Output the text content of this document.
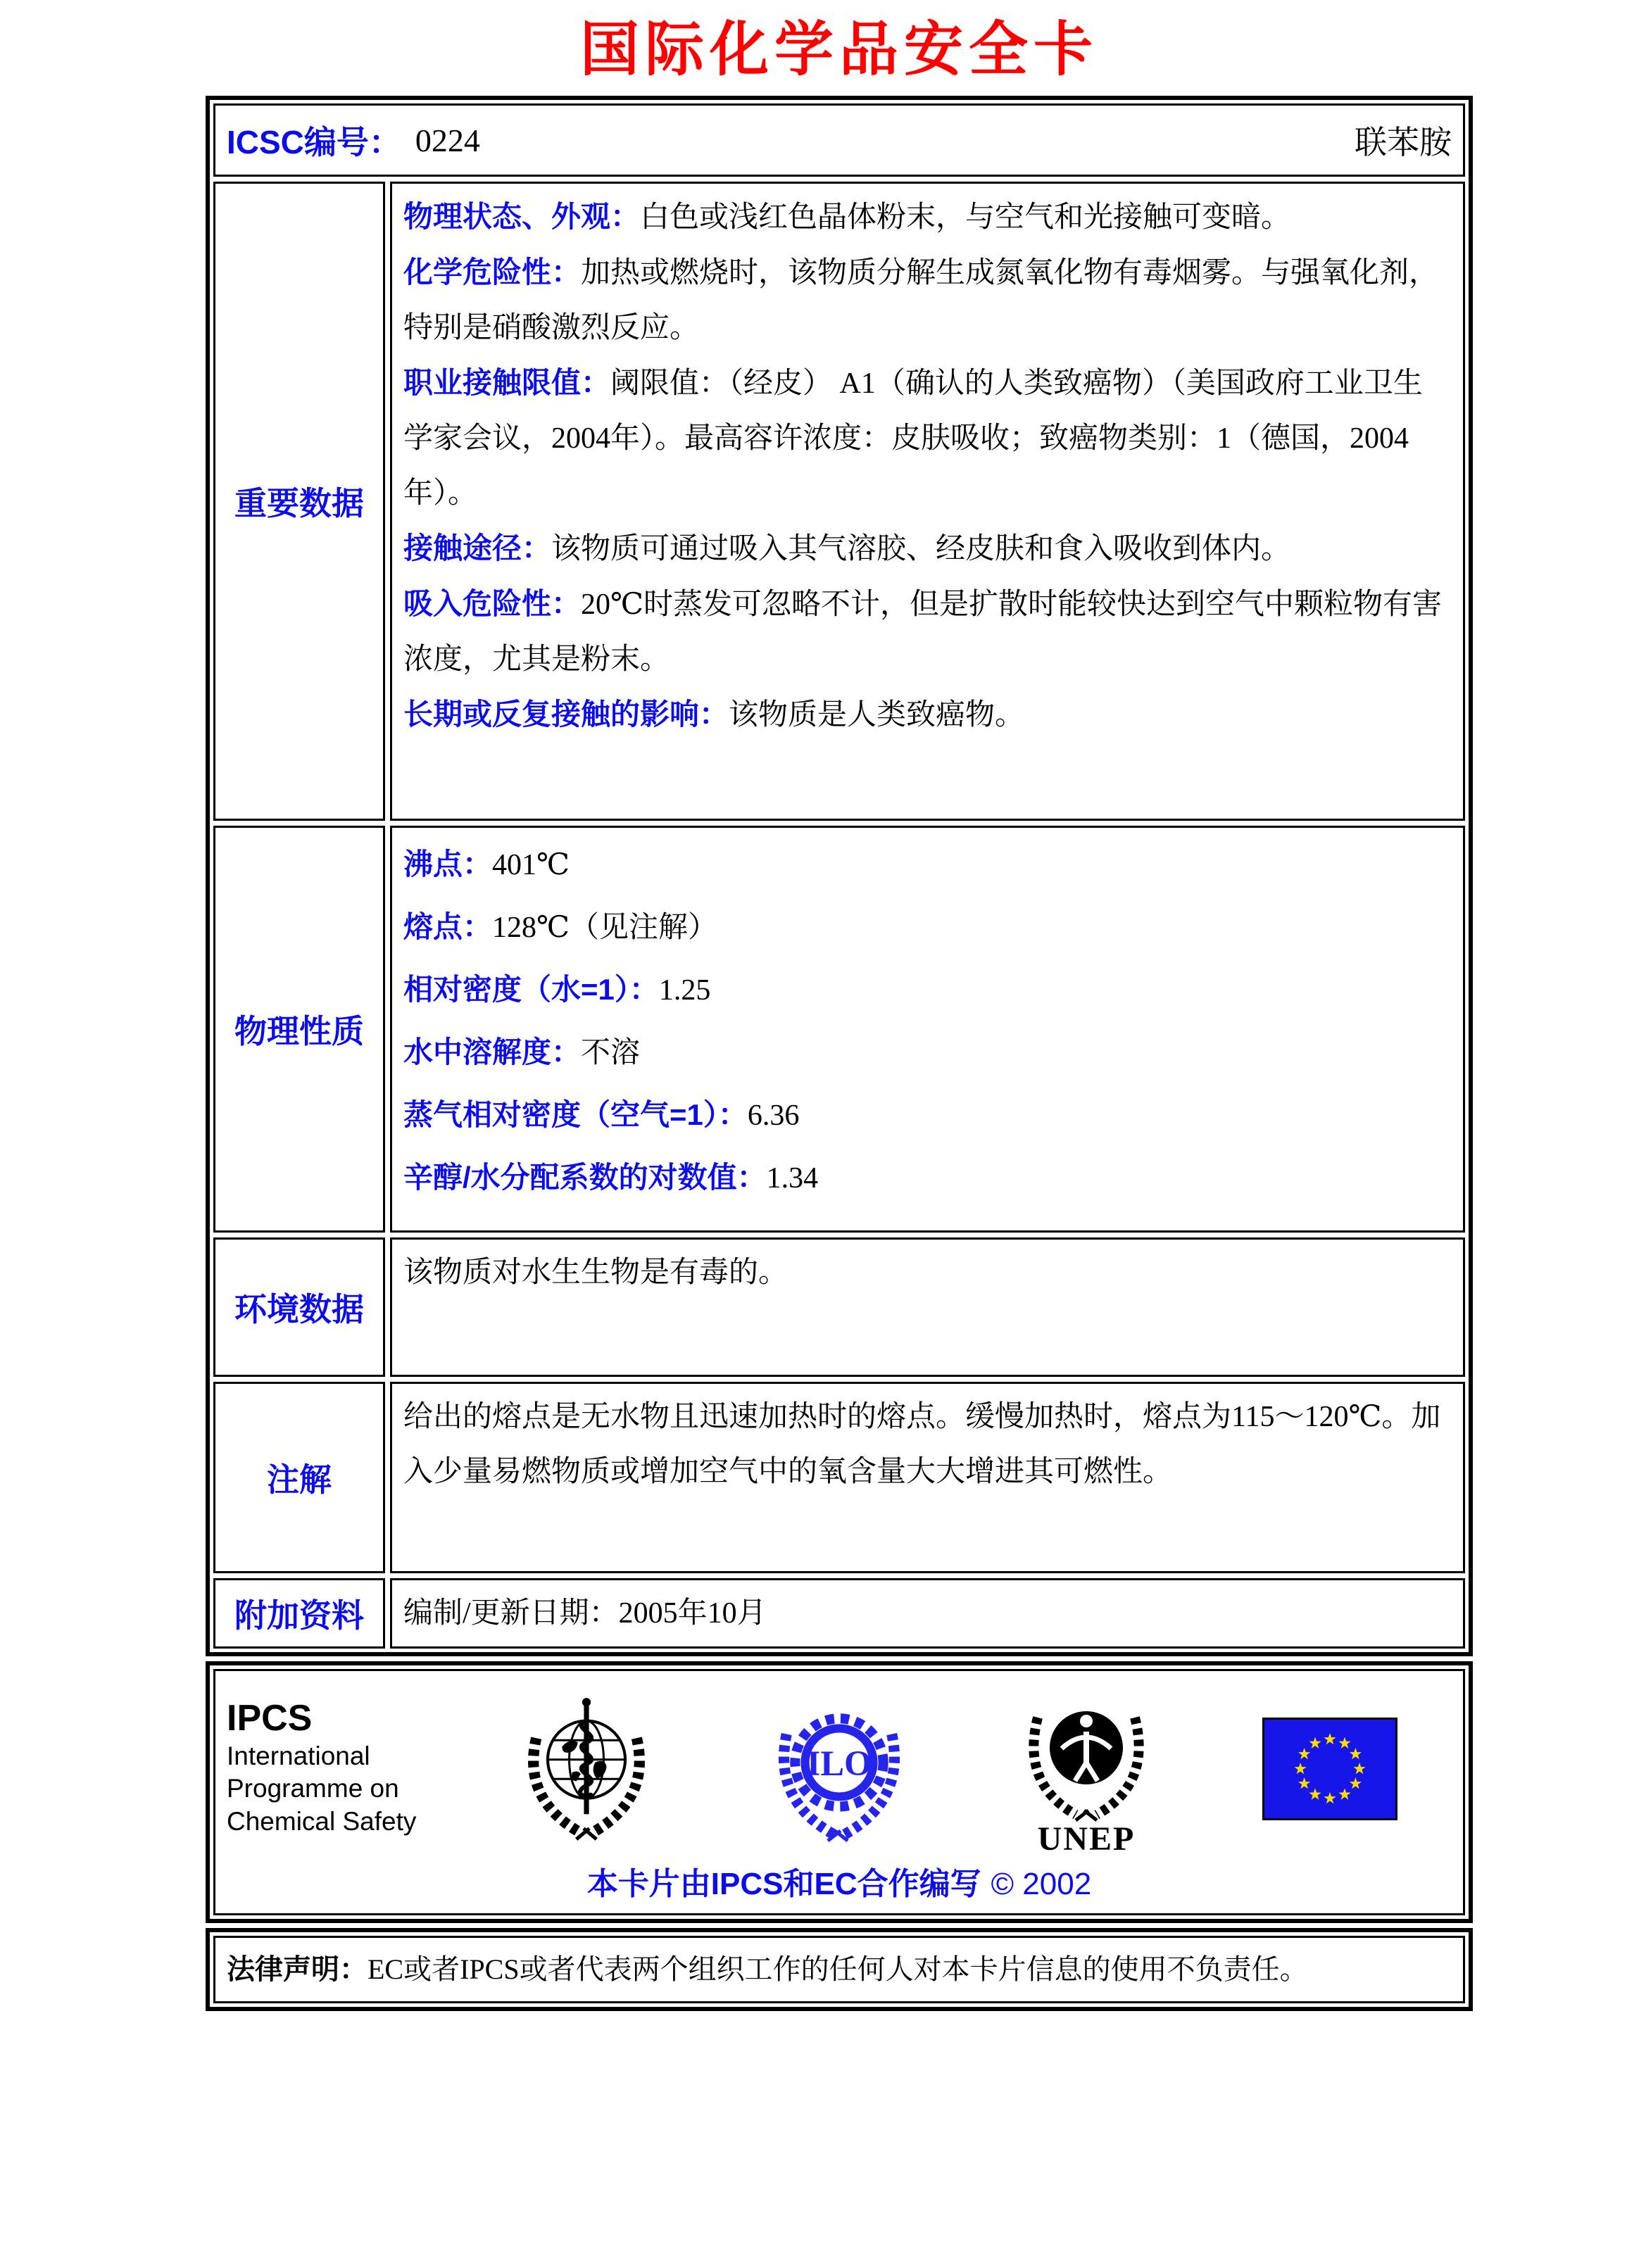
国际化学品安全卡
ICSC编号： 0224	联苯胺
重要数据

物理状态、外观：白色或浅红色晶体粉末，与空气和光接触可变暗。

化学危险性：加热或燃烧时，该物质分解生成氮氧化物有毒烟雾。与强氧化剂，特别是硝酸激烈反应。

职业接触限值：阈限值：（经皮） A1（确认的人类致癌物）（美国政府工业卫生学家会议，2004年）。最高容许浓度：皮肤吸收；致癌物类别：1（德国，2004年）。

接触途径：该物质可通过吸入其气溶胶、经皮肤和食入吸收到体内。

吸入危险性：20℃时蒸发可忽略不计，但是扩散时能较快达到空气中颗粒物有害浓度，尤其是粉末。

长期或反复接触的影响：该物质是人类致癌物。

物理性质

沸点：401℃

熔点：128℃（见注解）

相对密度（水=1）：1.25

水中溶解度：不溶

蒸气相对密度（空气=1）：6.36

辛醇/水分配系数的对数值：1.34

环境数据

该物质对水生生物是有毒的。

注解

给出的熔点是无水物且迅速加热时的熔点。缓慢加热时，熔点为115～120℃。加入少量易燃物质或增加空气中的氧含量大大增进其可燃性。

附加资料	编制/更新日期：2005年10月

IPCS
International
Programme on
Chemical Safety
ILO
UNEP
本卡片由IPCS和EC合作编写 © 2002

法律声明：EC或者IPCS或者代表两个组织工作的任何人对本卡片信息的使用不负责任。
